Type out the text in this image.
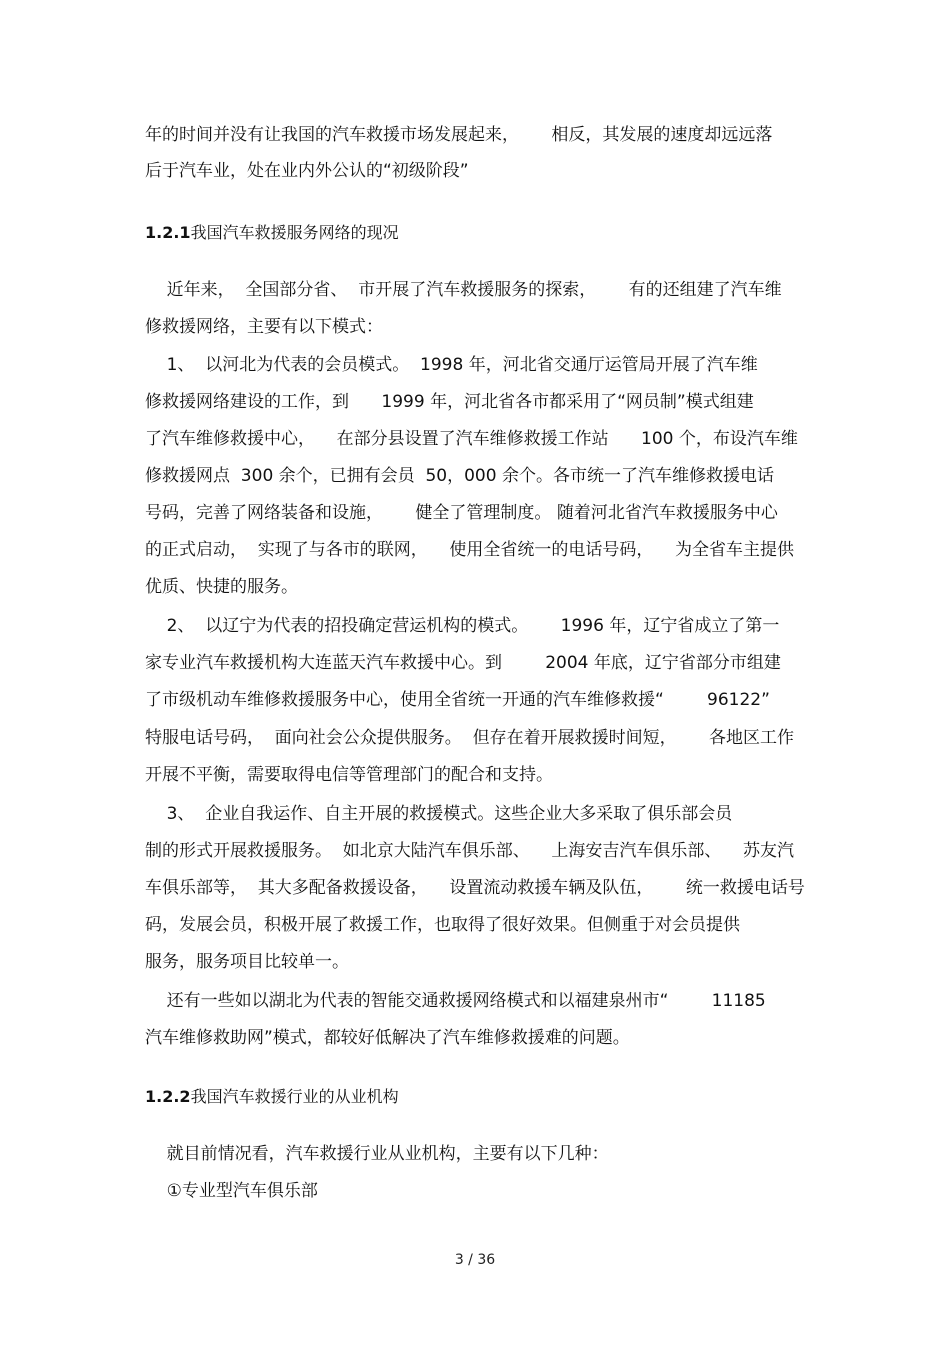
年的时间并没有让我国的汽车救援市场发展起来，      相反，其发展的速度却远远落
后于汽车业，处在业内外公认的“初级阶段”
1.2.1我国汽车救援服务网络的现况
近年来，  全国部分省、  市开展了汽车救援服务的探索，      有的还组建了汽车维
修救援网络，主要有以下模式：
1、  以河北为代表的会员模式。  1998 年，河北省交通厅运管局开展了汽车维
修救援网络建设的工作，到      1999 年，河北省各市都采用了“网员制”模式组建
了汽车维修救援中心，    在部分县设置了汽车维修救援工作站      100 个，布设汽车维
修救援网点  300 余个，已拥有会员  50，000 余个。各市统一了汽车维修救援电话
号码，完善了网络装备和设施，      健全了管理制度。 随着河北省汽车救援服务中心
的正式启动，  实现了与各市的联网，    使用全省统一的电话号码，    为全省车主提供
优质、快捷的服务。
2、  以辽宁为代表的招投确定营运机构的模式。      1996 年，辽宁省成立了第一
家专业汽车救援机构大连蓝天汽车救援中心。到        2004 年底，辽宁省部分市组建
了市级机动车维修救援服务中心，使用全省统一开通的汽车维修救援“        96122”
特服电话号码，  面向社会公众提供服务。  但存在着开展救援时间短，      各地区工作
开展不平衡，需要取得电信等管理部门的配合和支持。
3、  企业自我运作、自主开展的救援模式。这些企业大多采取了俱乐部会员
制的形式开展救援服务。  如北京大陆汽车俱乐部、    上海安吉汽车俱乐部、    苏友汽
车俱乐部等，  其大多配备救援设备，    设置流动救援车辆及队伍，      统一救援电话号
码，发展会员，积极开展了救援工作，也取得了很好效果。但侧重于对会员提供
服务，服务项目比较单一。
还有一些如以湖北为代表的智能交通救援网络模式和以福建泉州市“        11185
汽车维修救助网”模式，都较好低解决了汽车维修救援难的问题。
1.2.2我国汽车救援行业的从业机构
就目前情况看，汽车救援行业从业机构，主要有以下几种：
①专业型汽车俱乐部
3 / 36
